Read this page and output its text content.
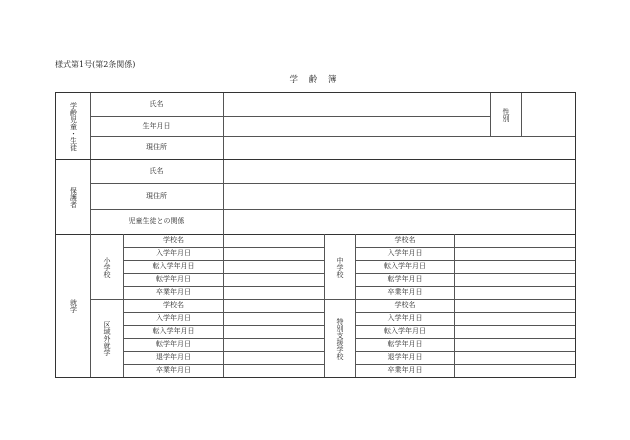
様式第1号(第2条関係)
学 齢 簿
学齢児童・生徒	氏名
生年月日
現住所
性別
保護者
氏名
現住所
児童生徒との関係
就学
小学校
区域外就学
中学校
特別支援学校
学校名
入学年月日
転入学年月日
転学年月日
卒業年月日
学校名
入学年月日
転入学年月日
転学年月日
退学年月日
卒業年月日
学校名
入学年月日
転入学年月日
転学年月日
卒業年月日
学校名
入学年月日
転入学年月日
転学年月日
退学年月日
卒業年月日
